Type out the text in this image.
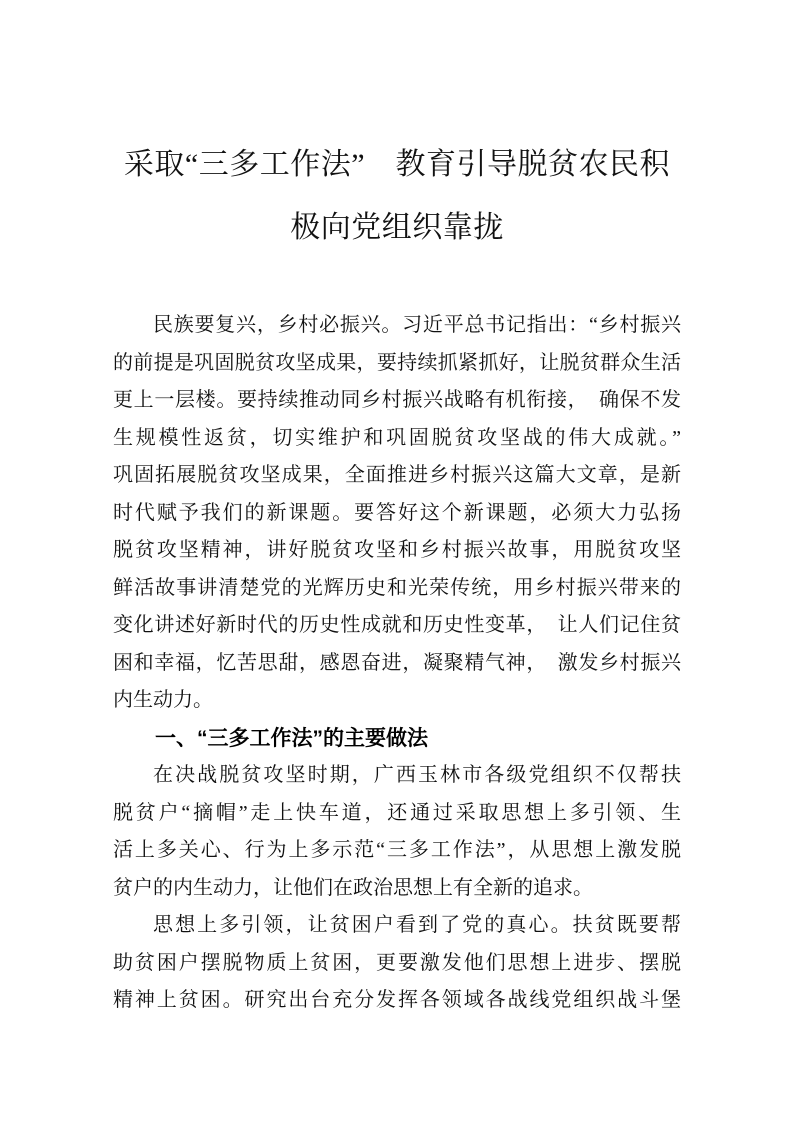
采取“三多工作法”　教育引导脱贫农民积
极向党组织靠拢
民族要复兴，乡村必振兴。习近平总书记指出：“乡村振兴
的前提是巩固脱贫攻坚成果，要持续抓紧抓好，让脱贫群众生活
更上一层楼。要持续推动同乡村振兴战略有机衔接，　确保不发
生规模性返贫，切实维护和巩固脱贫攻坚战的伟大成就。”
巩固拓展脱贫攻坚成果，全面推进乡村振兴这篇大文章，是新
时代赋予我们的新课题。要答好这个新课题，必须大力弘扬
脱贫攻坚精神，讲好脱贫攻坚和乡村振兴故事，用脱贫攻坚
鲜活故事讲清楚党的光辉历史和光荣传统，用乡村振兴带来的
变化讲述好新时代的历史性成就和历史性变革，　让人们记住贫
困和幸福，忆苦思甜，感恩奋进，凝聚精气神，　激发乡村振兴
内生动力。
一、“三多工作法”的主要做法
在决战脱贫攻坚时期，广西玉林市各级党组织不仅帮扶
脱贫户“摘帽”走上快车道，还通过采取思想上多引领、生
活上多关心、行为上多示范“三多工作法”，从思想上激发脱
贫户的内生动力，让他们在政治思想上有全新的追求。
思想上多引领，让贫困户看到了党的真心。扶贫既要帮
助贫困户摆脱物质上贫困，更要激发他们思想上进步、摆脱
精神上贫困。研究出台充分发挥各领域各战线党组织战斗堡
